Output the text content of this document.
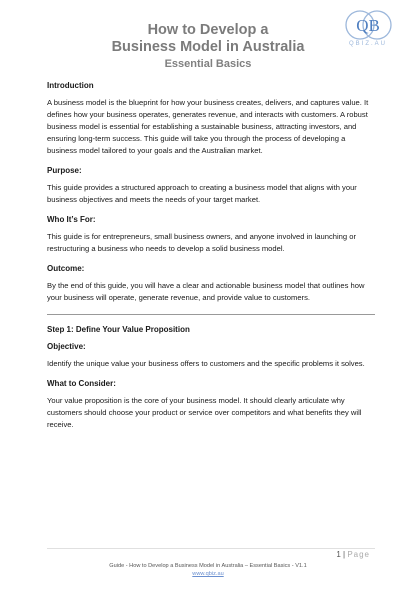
How to Develop a
Business Model in Australia
Essential Basics
QB
QBIZ.AU
Introduction

A business model is the blueprint for how your business creates, delivers, and captures value. It defines how your business operates, generates revenue, and interacts with customers. A robust business model is essential for establishing a sustainable business, attracting investors, and ensuring long-term success. This guide will take you through the process of developing a business model tailored to your goals and the Australian market.

Purpose:

This guide provides a structured approach to creating a business model that aligns with your business objectives and meets the needs of your target market.

Who It’s For:

This guide is for entrepreneurs, small business owners, and anyone involved in launching or restructuring a business who needs to develop a solid business model.

Outcome:

By the end of this guide, you will have a clear and actionable business model that outlines how your business will operate, generate revenue, and provide value to customers.

Step 1: Define Your Value Proposition
Objective:

Identify the unique value your business offers to customers and the specific problems it solves.

What to Consider:

Your value proposition is the core of your business model. It should clearly articulate why customers should choose your product or service over competitors and what benefits they will receive.

1 | Page
Guide - How to Develop a Business Model in Australia – Essential Basics - V1.1
www.qbiz.au
